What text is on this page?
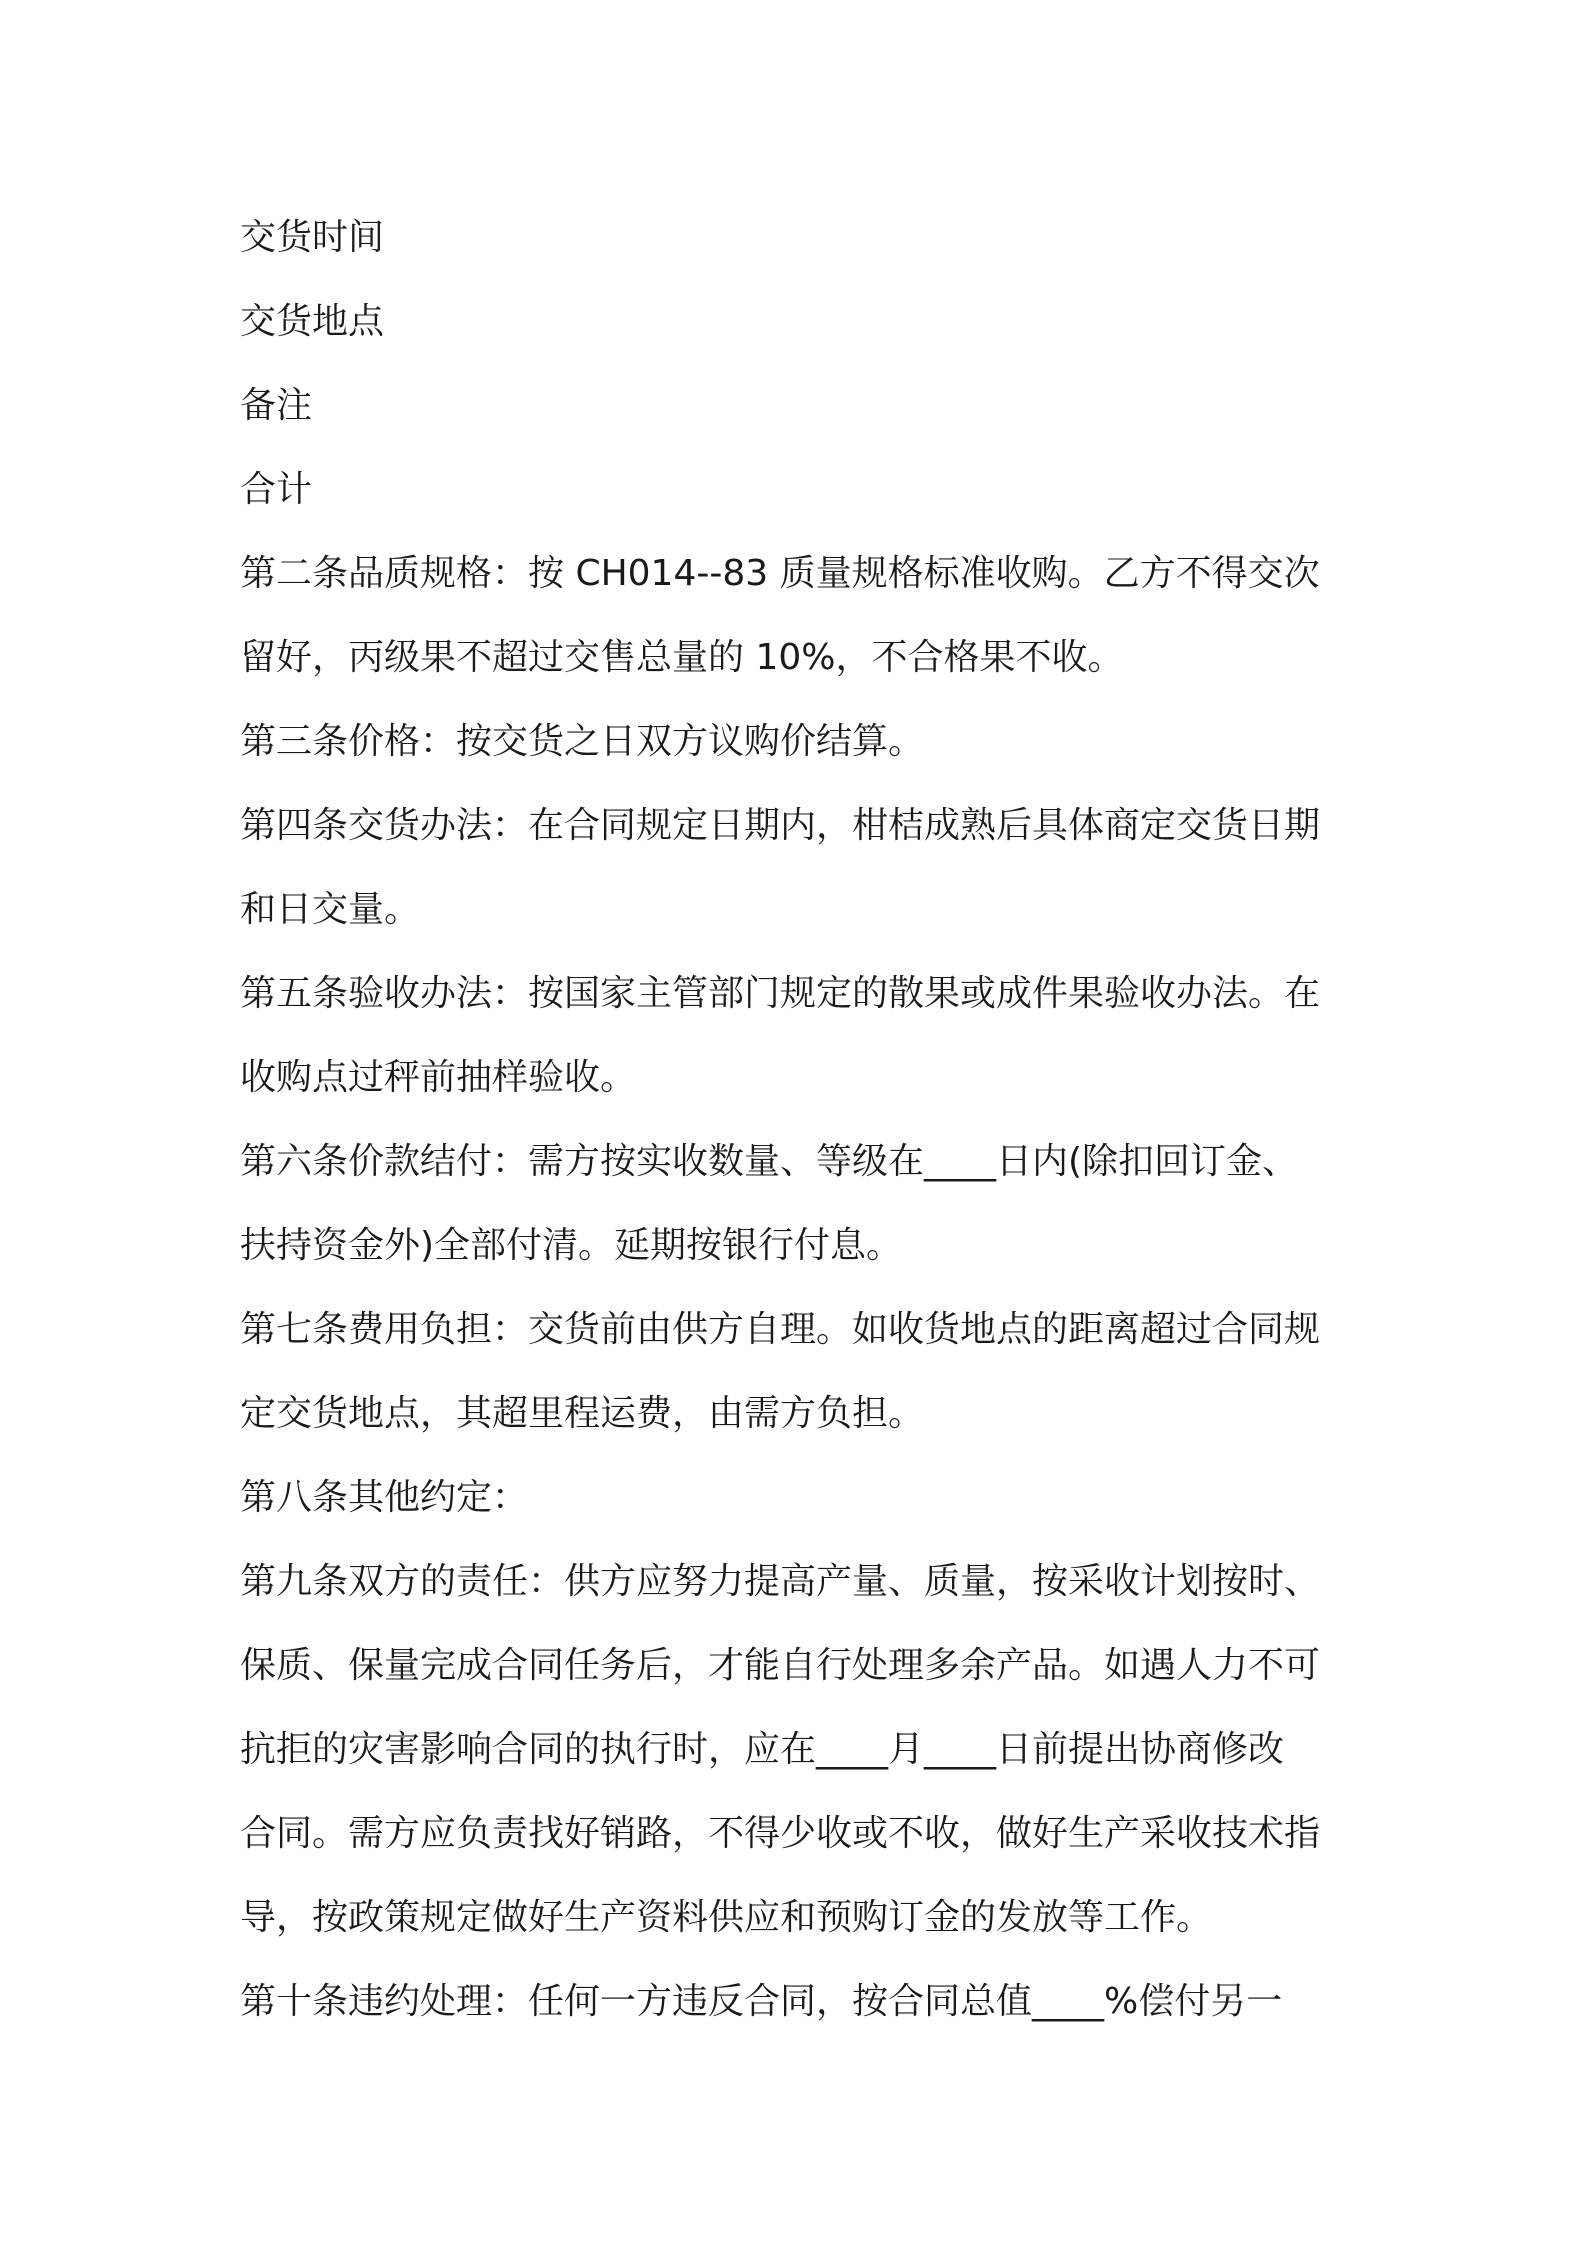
交货时间

交货地点

备注

合计

第二条品质规格：按 CH014--83 质量规格标准收购。乙方不得交次

留好，丙级果不超过交售总量的 10%，不合格果不收。

第三条价格：按交货之日双方议购价结算。

第四条交货办法：在合同规定日期内，柑桔成熟后具体商定交货日期

和日交量。

第五条验收办法：按国家主管部门规定的散果或成件果验收办法。在

收购点过秤前抽样验收。

第六条价款结付：需方按实收数量、等级在____日内(除扣回订金、

扶持资金外)全部付清。延期按银行付息。

第七条费用负担：交货前由供方自理。如收货地点的距离超过合同规

定交货地点，其超里程运费，由需方负担。

第八条其他约定：

第九条双方的责任：供方应努力提高产量、质量，按采收计划按时、

保质、保量完成合同任务后，才能自行处理多余产品。如遇人力不可

抗拒的灾害影响合同的执行时，应在____月____日前提出协商修改

合同。需方应负责找好销路，不得少收或不收，做好生产采收技术指

导，按政策规定做好生产资料供应和预购订金的发放等工作。

第十条违约处理：任何一方违反合同，按合同总值____%偿付另一
